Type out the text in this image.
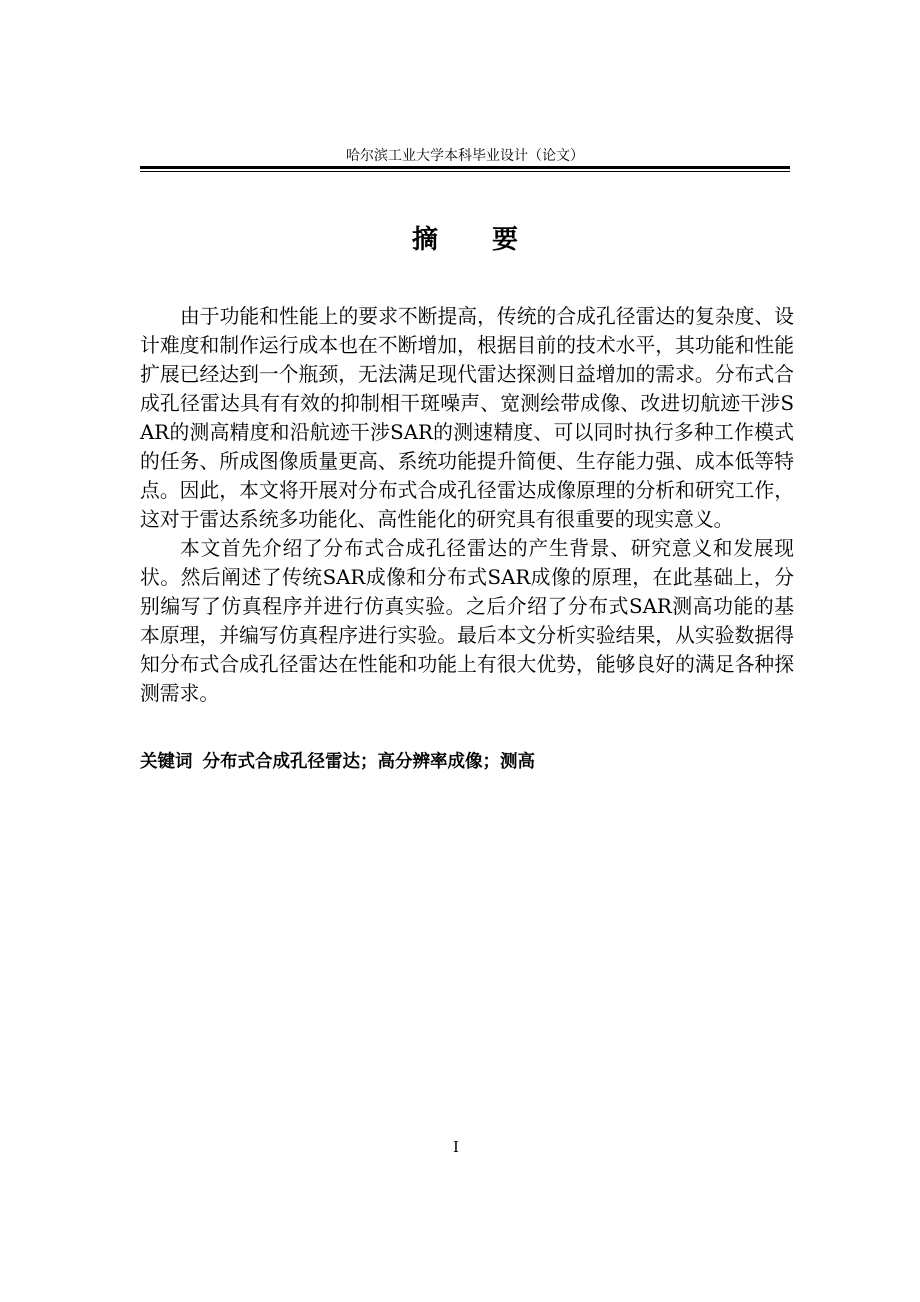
哈尔滨工业大学本科毕业设计（论文）
摘要

由于功能和性能上的要求不断提高，传统的合成孔径雷达的复杂度、设计难度和制作运行成本也在不断增加，根据目前的技术水平，其功能和性能扩展已经达到一个瓶颈，无法满足现代雷达探测日益增加的需求。分布式合成孔径雷达具有有效的抑制相干斑噪声、宽测绘带成像、改进切航迹干涉SAR的测高精度和沿航迹干涉SAR的测速精度、可以同时执行多种工作模式的任务、所成图像质量更高、系统功能提升简便、生存能力强、成本低等特点。因此，本文将开展对分布式合成孔径雷达成像原理的分析和研究工作，这对于雷达系统多功能化、高性能化的研究具有很重要的现实意义。

本文首先介绍了分布式合成孔径雷达的产生背景、研究意义和发展现状。然后阐述了传统SAR成像和分布式SAR成像的原理，在此基础上，分别编写了仿真程序并进行仿真实验。之后介绍了分布式SAR测高功能的基本原理，并编写仿真程序进行实验。最后本文分析实验结果，从实验数据得知分布式合成孔径雷达在性能和功能上有很大优势，能够良好的满足各种探测需求。

关键词 分布式合成孔径雷达；高分辨率成像；测高
I
